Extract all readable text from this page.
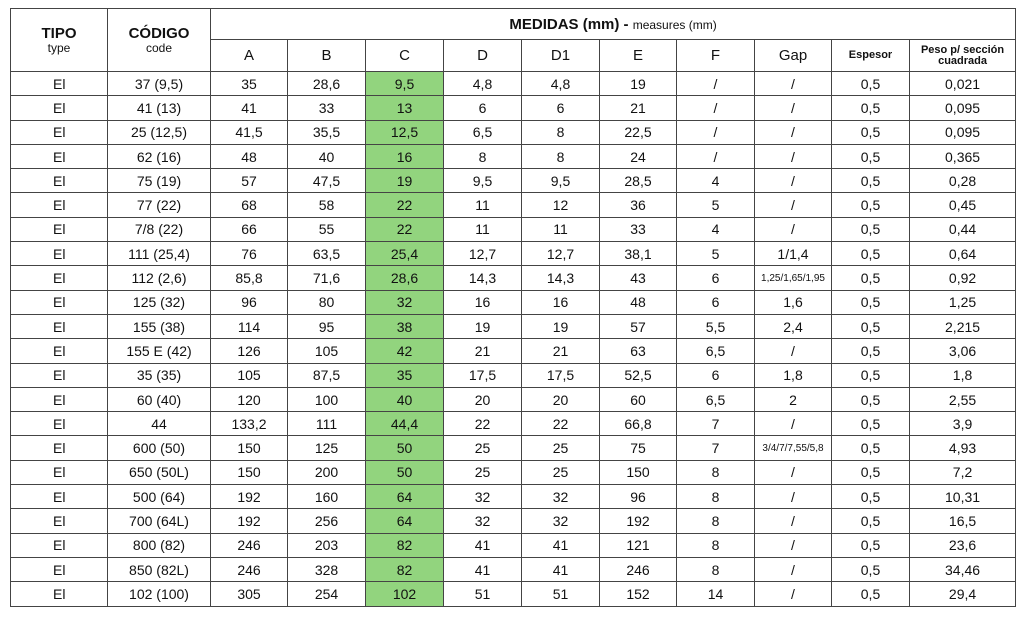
TIPO
type	CÓDIGO
code	MEDIDAS (mm) - measures (mm)									
		A	B	C	D	D1	E	F	Gap	Espesor	Peso p/ sección cuadrada
El	37 (9,5)	35	28,6	9,5	4,8	4,8	19	/	/	0,5	0,021
El	41 (13)	41	33	13	6	6	21	/	/	0,5	0,095
El	25 (12,5)	41,5	35,5	12,5	6,5	8	22,5	/	/	0,5	0,095
El	62 (16)	48	40	16	8	8	24	/	/	0,5	0,365
El	75 (19)	57	47,5	19	9,5	9,5	28,5	4	/	0,5	0,28
El	77 (22)	68	58	22	11	12	36	5	/	0,5	0,45
El	7/8 (22)	66	55	22	11	11	33	4	/	0,5	0,44
El	111 (25,4)	76	63,5	25,4	12,7	12,7	38,1	5	1/1,4	0,5	0,64
El	112 (2,6)	85,8	71,6	28,6	14,3	14,3	43	6	1,25/1,65/1,95	0,5	0,92
El	125 (32)	96	80	32	16	16	48	6	1,6	0,5	1,25
El	155 (38)	114	95	38	19	19	57	5,5	2,4	0,5	2,215
El	155 E (42)	126	105	42	21	21	63	6,5	/	0,5	3,06
El	35 (35)	105	87,5	35	17,5	17,5	52,5	6	1,8	0,5	1,8
El	60 (40)	120	100	40	20	20	60	6,5	2	0,5	2,55
El	44	133,2	111	44,4	22	22	66,8	7	/	0,5	3,9
El	600 (50)	150	125	50	25	25	75	7	3/4/7/7,55/5,8	0,5	4,93
El	650 (50L)	150	200	50	25	25	150	8	/	0,5	7,2
El	500 (64)	192	160	64	32	32	96	8	/	0,5	10,31
El	700 (64L)	192	256	64	32	32	192	8	/	0,5	16,5
El	800 (82)	246	203	82	41	41	121	8	/	0,5	23,6
El	850 (82L)	246	328	82	41	41	246	8	/	0,5	34,46
El	102 (100)	305	254	102	51	51	152	14	/	0,5	29,4
